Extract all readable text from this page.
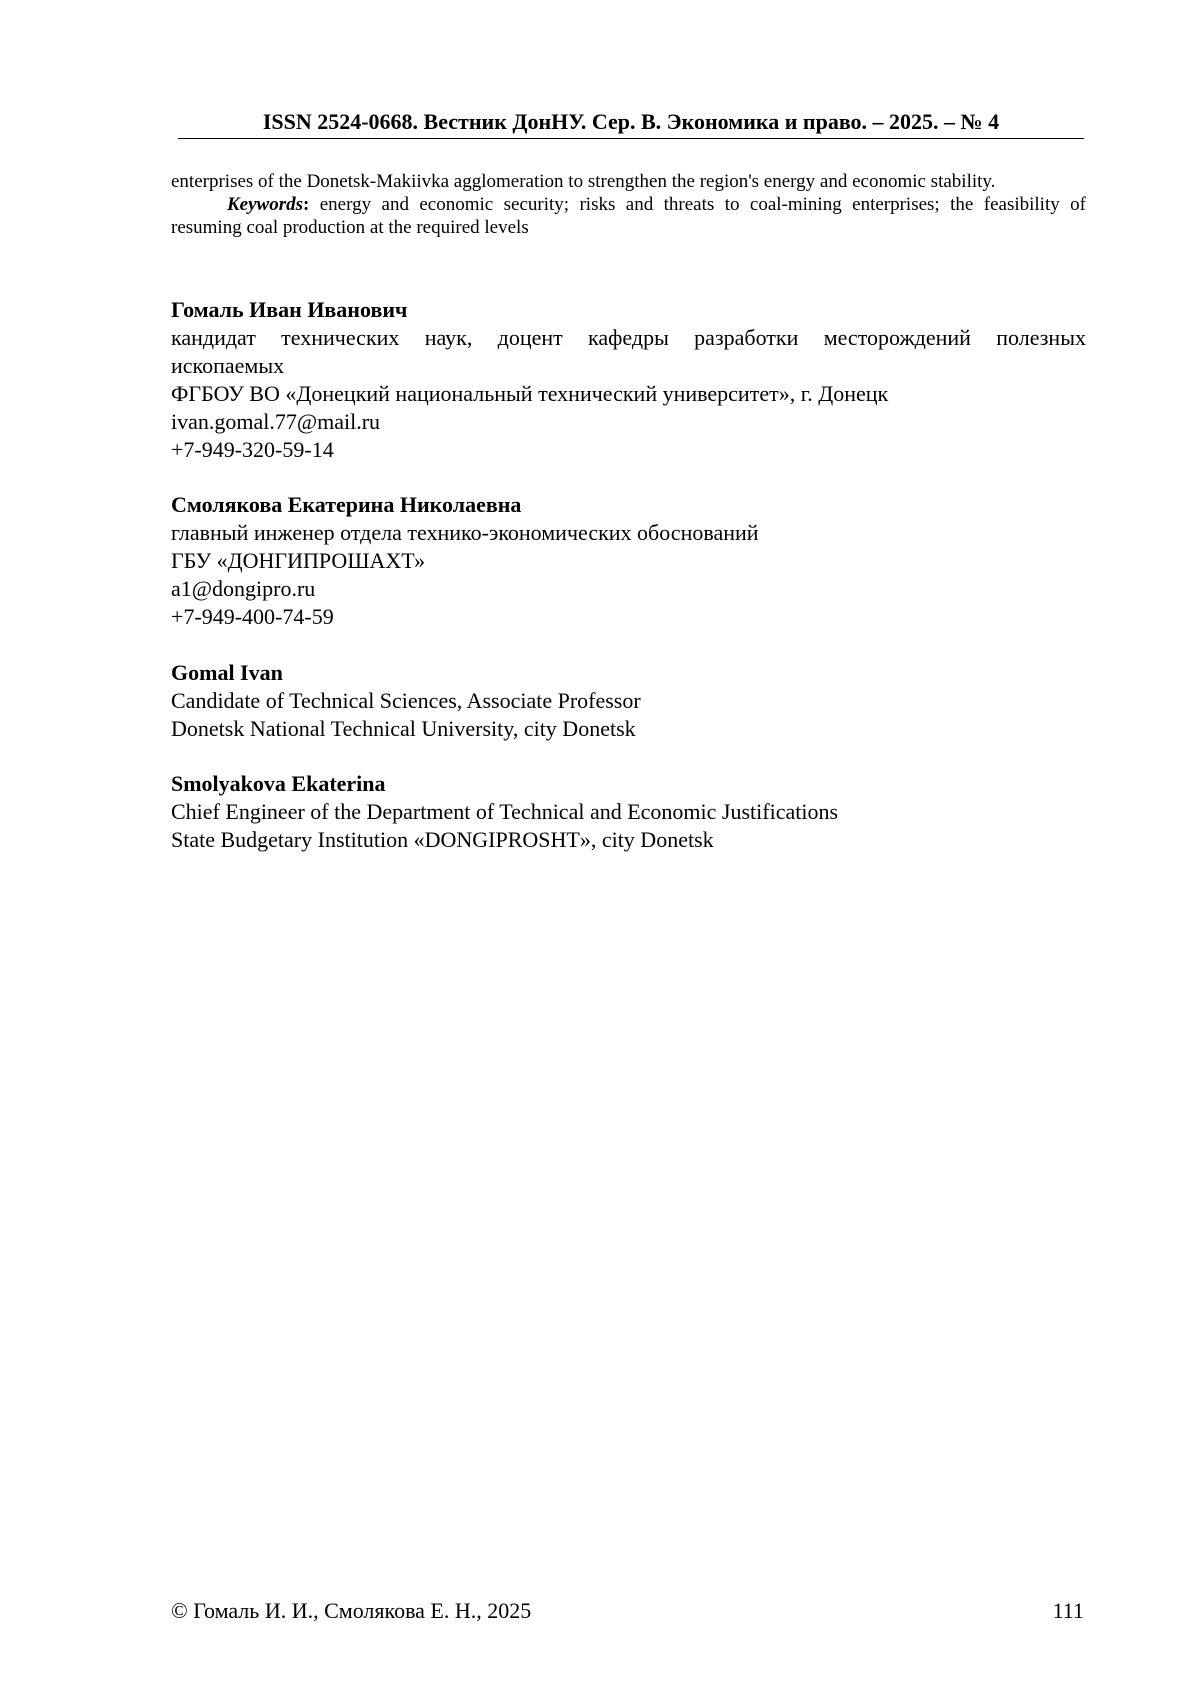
ISSN 2524-0668. Вестник ДонНУ. Сер. В. Экономика и право. – 2025. – № 4

enterprises of the Donetsk-Makiivka agglomeration to strengthen the region's energy and economic stability.

Keywords: energy and economic security; risks and threats to coal-mining enterprises; the feasibility of resuming coal production at the required levels

Гомаль Иван Иванович
кандидат технических наук, доцент кафедры разработки месторождений полезных
ископаемых
ФГБОУ ВО «Донецкий национальный технический университет», г. Донецк
ivan.gomal.77@mail.ru
+7-949-320-59-14
Смолякова Екатерина Николаевна
главный инженер отдела технико-экономических обоснований
ГБУ «ДОНГИПРОШАХТ»
a1@dongipro.ru
+7-949-400-74-59
Gomal Ivan
Candidate of Technical Sciences, Associate Professor
Donetsk National Technical University, city Donetsk
Smolyakova Ekaterina
Chief Engineer of the Department of Technical and Economic Justifications
State Budgetary Institution «DONGIPROSHT», city Donetsk
© Гомаль И. И., Смолякова Е. Н., 2025	111
